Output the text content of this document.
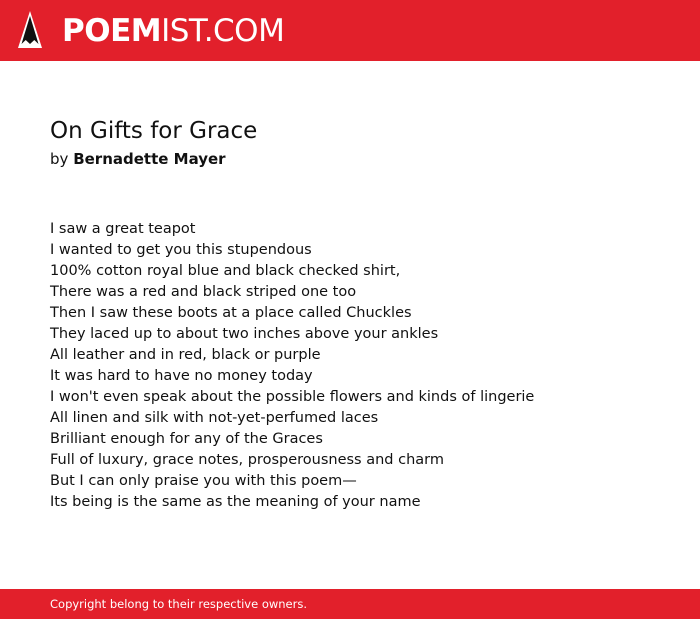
POEMIST.COM
On Gifts for Grace
by Bernadette Mayer
I saw a great teapot
I wanted to get you this stupendous
100% cotton royal blue and black checked shirt,
There was a red and black striped one too
Then I saw these boots at a place called Chuckles
They laced up to about two inches above your ankles
All leather and in red, black or purple
It was hard to have no money today
I won't even speak about the possible flowers and kinds of lingerie
All linen and silk with not-yet-perfumed laces
Brilliant enough for any of the Graces
Full of luxury, grace notes, prosperousness and charm
But I can only praise you with this poem—
Its being is the same as the meaning of your name
Copyright belong to their respective owners.
